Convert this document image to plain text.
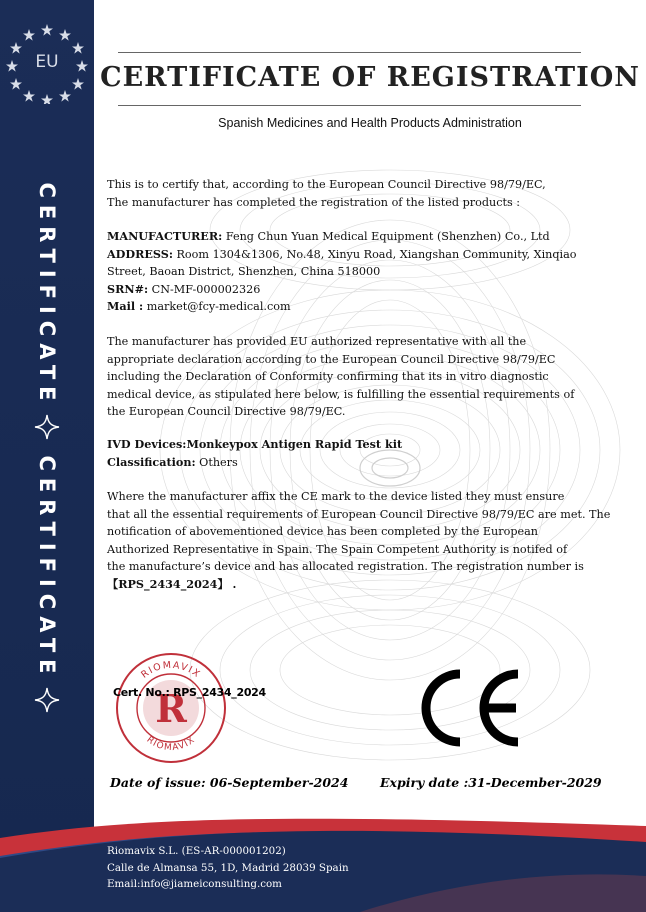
EU
CERTIFICATE
CERTIFICATE
CERTIFICATE OF REGISTRATION
Spanish Medicines and Health Products Administration

This is to certify that, according to the European Council Directive 98/79/EC,

The manufacturer has completed the registration of the listed products :

MANUFACTURER: Feng Chun Yuan Medical Equipment (Shenzhen) Co., Ltd

ADDRESS: Room 1304&1306, No.48, Xinyu Road, Xiangshan Community, Xinqiao

Street, Baoan District, Shenzhen, China 518000

SRN#: CN-MF-000002326

Mail : market@fcy-medical.com

The manufacturer has provided EU authorized representative with all the

appropriate declaration according to the European Council Directive 98/79/EC

including the Declaration of Conformity confirming that its in vitro diagnostic

medical device, as stipulated here below, is fulfilling the essential requirements of

the European Council Directive 98/79/EC.

IVD Devices:Monkeypox Antigen Rapid Test kit

Classification: Others

Where the manufacturer affix the CE mark to the device listed they must ensure

that all the essential requirements of European Council Directive 98/79/EC are met. The

notification of abovementioned device has been completed by the European

Authorized Representative in Spain. The Spain Competent Authority is notifed of

the manufacture’s device and has allocated registration. The registration number is

【RPS_2434_2024】 .

RIOMAVIX
RIOMAVIX
R
Cert. No.: RPS_2434_2024
Date of issue: 06-September-2024	Expiry date :31-December-2029
Riomavix S.L. (ES-AR-000001202)
Calle de Almansa 55, 1D, Madrid 28039 Spain
Email:info@jiameiconsulting.com
